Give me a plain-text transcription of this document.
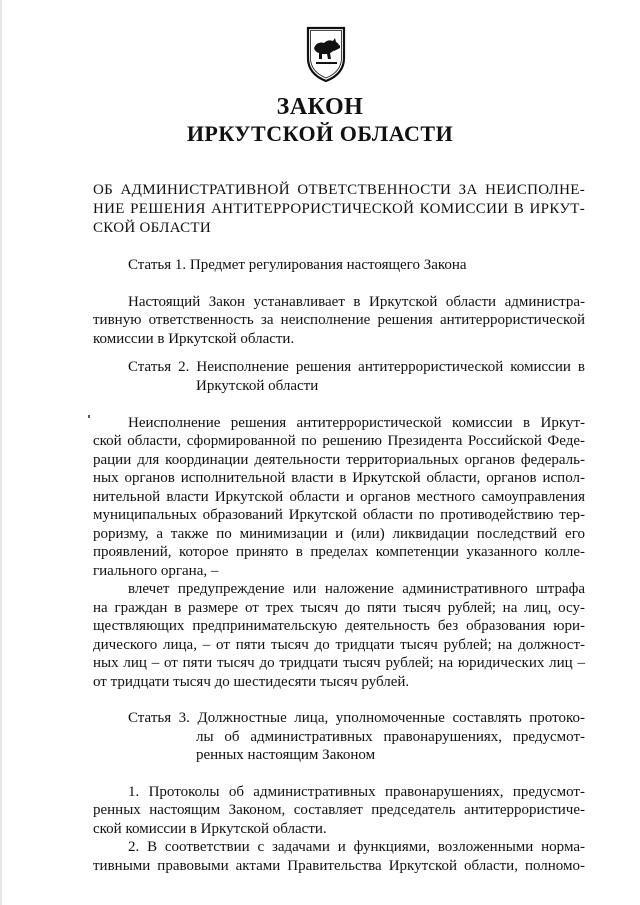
ЗАКОН
ИРКУТСКОЙ ОБЛАСТИ
ОБ АДМИНИСТРАТИВНОЙ ОТВЕТСТВЕННОСТИ ЗА НЕИСПОЛНЕ-
НИЕ РЕШЕНИЯ АНТИТЕРРОРИСТИЧЕСКОЙ КОМИССИИ В ИРКУТ-
СКОЙ ОБЛАСТИ
Статья 1. Предмет регулирования настоящего Закона
Настоящий Закон устанавливает в Иркутской области администра-
тивную ответственность за неисполнение решения антитеррористической
комиссии в Иркутской области.
Статья 2. Неисполнение решения антитеррористической комиссии в
Иркутской области
Неисполнение решения антитеррористической комиссии в Иркут-
ской области, сформированной по решению Президента Российской Феде-
рации для координации деятельности территориальных органов федераль-
ных органов исполнительной власти в Иркутской области, органов испол-
нительной власти Иркутской области и органов местного самоуправления
муниципальных образований Иркутской области по противодействию тер-
роризму, а также по минимизации и (или) ликвидации последствий его
проявлений, которое принято в пределах компетенции указанного колле-
гиального органа, –
влечет предупреждение или наложение административного штрафа
на граждан в размере от трех тысяч до пяти тысяч рублей; на лиц, осу-
ществляющих предпринимательскую деятельность без образования юри-
дического лица, – от пяти тысяч до тридцати тысяч рублей; на должност-
ных лиц – от пяти тысяч до тридцати тысяч рублей; на юридических лиц –
от тридцати тысяч до шестидесяти тысяч рублей.
Статья 3. Должностные лица, уполномоченные составлять протоко-
лы об административных правонарушениях, предусмот-
ренных настоящим Законом
1. Протоколы об административных правонарушениях, предусмот-
ренных настоящим Законом, составляет председатель антитеррористиче-
ской комиссии в Иркутской области.
2. В соответствии с задачами и функциями, возложенными норма-
тивными правовыми актами Правительства Иркутской области, полномо-
